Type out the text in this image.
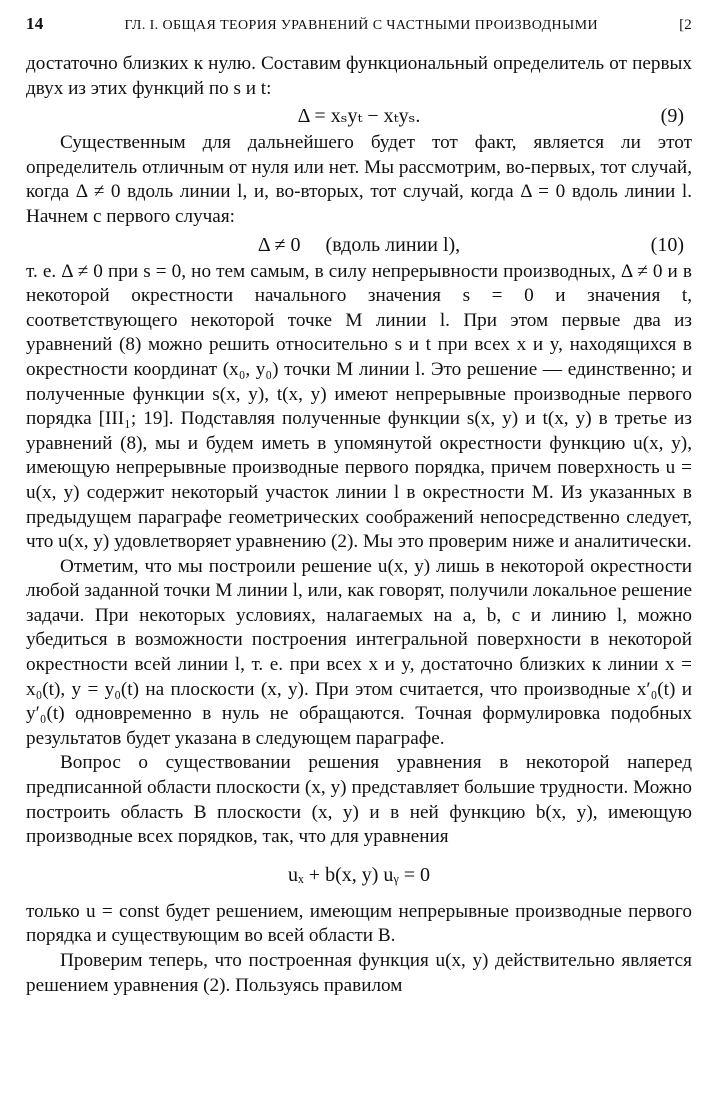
14	ГЛ. I. ОБЩАЯ ТЕОРИЯ УРАВНЕНИЙ С ЧАСТНЫМИ ПРОИЗВОДНЫМИ	[2

достаточно близких к нулю. Составим функциональный определитель от первых двух из этих функций по s и t:

Δ = xₛyₜ − xₜyₛ.	(9)

Существенным для дальнейшего будет тот факт, является ли этот определитель отличным от нуля или нет. Мы рассмотрим, во-первых, тот случай, когда Δ ≠ 0 вдоль линии l, и, во-вторых, тот случай, когда Δ = 0 вдоль линии l. Начнем с первого случая:

Δ ≠ 0     (вдоль линии l),	(10)

т. е. Δ ≠ 0 при s = 0, но тем самым, в силу непрерывности производных, Δ ≠ 0 и в некоторой окрестности начального значения s = 0 и значения t, соответствующего некоторой точке M линии l. При этом первые два из уравнений (8) можно решить относительно s и t при всех x и y, находящихся в окрестности координат (x₀, y₀) точки M линии l. Это решение — единственно; и полученные функции s(x, y), t(x, y) имеют непрерывные производные первого порядка [III₁; 19]. Подставляя полученные функции s(x, y) и t(x, y) в третье из уравнений (8), мы и будем иметь в упомянутой окрестности функцию u(x, y), имеющую непрерывные производные первого порядка, причем поверхность u = u(x, y) содержит некоторый участок линии l в окрестности M. Из указанных в предыдущем параграфе геометрических соображений непосредственно следует, что u(x, y) удовлетворяет уравнению (2). Мы это проверим ниже и аналитически.

Отметим, что мы построили решение u(x, y) лишь в некоторой окрестности любой заданной точки M линии l, или, как говорят, получили локальное решение задачи. При некоторых условиях, налагаемых на a, b, c и линию l, можно убедиться в возможности построения интегральной поверхности в некоторой окрестности всей линии l, т. е. при всех x и y, достаточно близких к линии x = x₀(t), y = y₀(t) на плоскости (x, y). При этом считается, что производные x′₀(t) и y′₀(t) одновременно в нуль не обращаются. Точная формулировка подобных результатов будет указана в следующем параграфе.

Вопрос о существовании решения уравнения в некоторой наперед предписанной области плоскости (x, y) представляет большие трудности. Можно построить область B плоскости (x, y) и в ней функцию b(x, y), имеющую производные всех порядков, так, что для уравнения

uₓ + b(x, y) uᵧ = 0

только u = const будет решением, имеющим непрерывные производные первого порядка и существующим во всей области B.

Проверим теперь, что построенная функция u(x, y) действительно является решением уравнения (2). Пользуясь правилом
